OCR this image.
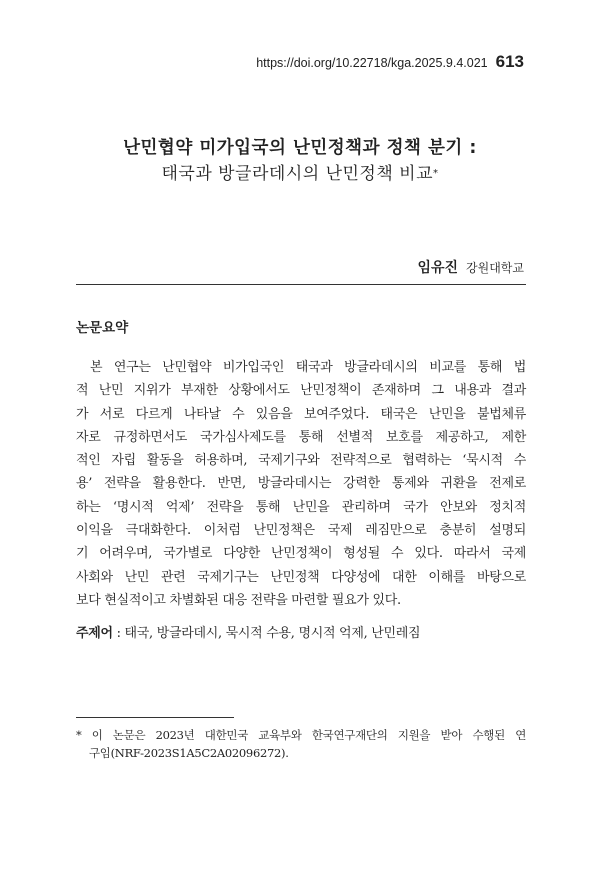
https://doi.org/10.22718/kga.2025.9.4.021 613
난민협약 미가입국의 난민정책과 정책 분기 :
태국과 방글라데시의 난민정책 비교*
임유진 강원대학교
논문요약
본 연구는 난민협약 비가입국인 태국과 방글라데시의 비교를 통해 법
적 난민 지위가 부재한 상황에서도 난민정책이 존재하며 그 내용과 결과
가 서로 다르게 나타날 수 있음을 보여주었다. 태국은 난민을 불법체류
자로 규정하면서도 국가심사제도를 통해 선별적 보호를 제공하고, 제한
적인 자립 활동을 허용하며, 국제기구와 전략적으로 협력하는 ‘묵시적 수
용’ 전략을 활용한다. 반면, 방글라데시는 강력한 통제와 귀환을 전제로
하는 ‘명시적 억제’ 전략을 통해 난민을 관리하며 국가 안보와 정치적
이익을 극대화한다. 이처럼 난민정책은 국제 레짐만으로 충분히 설명되
기 어려우며, 국가별로 다양한 난민정책이 형성될 수 있다. 따라서 국제
사회와 난민 관련 국제기구는 난민정책 다양성에 대한 이해를 바탕으로
보다 현실적이고 차별화된 대응 전략을 마련할 필요가 있다.
주제어 : 태국, 방글라데시, 묵시적 수용, 명시적 억제, 난민레짐
* 이 논문은 2023년 대한민국 교육부와 한국연구재단의 지원을 받아 수행된 연
구임(NRF-2023S1A5C2A02096272).
